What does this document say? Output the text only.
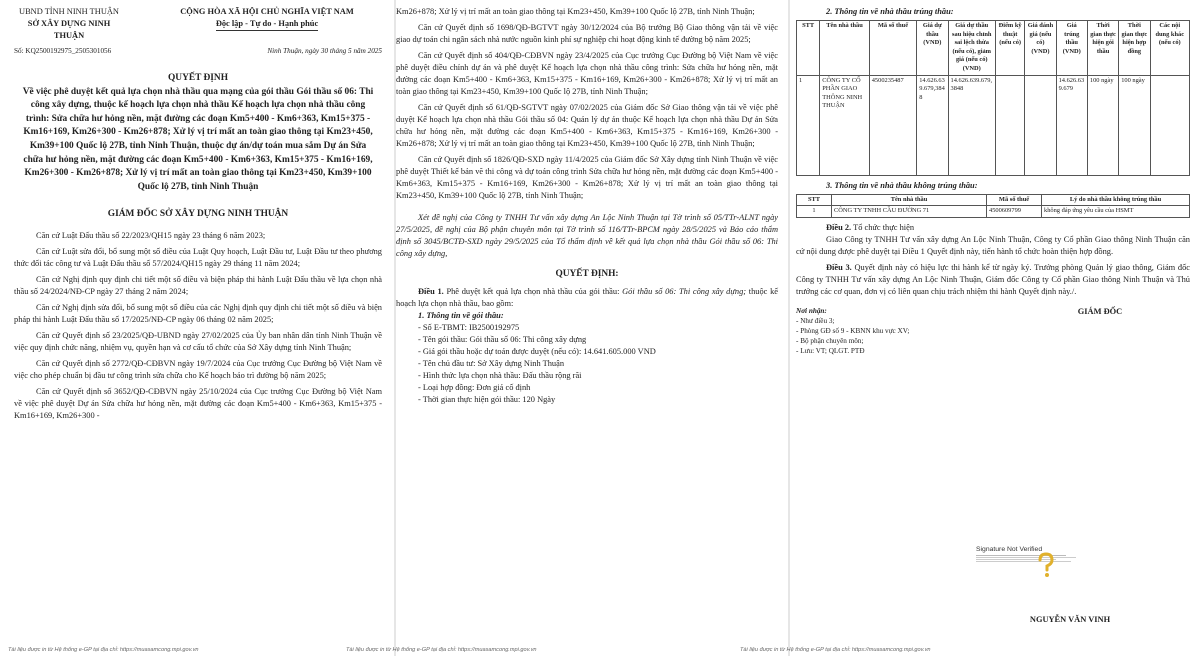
UBND TỈNH NINH THUẬN
SỞ XÂY DỰNG NINH THUẬN
CỘNG HÒA XÃ HỘI CHỦ NGHĨA VIỆT NAM
Độc lập - Tự do - Hạnh phúc
Số: KQ2500192975_2505301056	Ninh Thuận, ngày 30 tháng 5 năm 2025

QUYẾT ĐỊNH

Về việc phê duyệt kết quả lựa chọn nhà thầu qua mạng của gói thầu Gói thầu số 06: Thi công xây dựng, thuộc kế hoạch lựa chọn nhà thầu Kế hoạch lựa chọn nhà thầu công trình: Sửa chữa hư hỏng nền, mặt đường các đoạn Km5+400 - Km6+363, Km15+375 - Km16+169, Km26+300 - Km26+878; Xử lý vị trí mất an toàn giao thông tại Km23+450, Km39+100 Quốc lộ 27B, tỉnh Ninh Thuận, thuộc dự án/dự toán mua sắm Dự án Sửa chữa hư hỏng nền, mặt đường các đoạn Km5+400 - Km6+363, Km15+375 - Km16+169, Km26+300 - Km26+878; Xử lý vị trí mất an toàn giao thông tại Km23+450, Km39+100 Quốc lộ 27B, tỉnh Ninh Thuận

GIÁM ĐỐC SỞ XÂY DỰNG NINH THUẬN

Căn cứ Luật Đấu thầu số 22/2023/QH15 ngày 23 tháng 6 năm 2023;

Căn cứ Luật sửa đổi, bổ sung một số điều của Luật Quy hoạch, Luật Đầu tư, Luật Đầu tư theo phương thức đối tác công tư và Luật Đấu thầu số 57/2024/QH15 ngày 29 tháng 11 năm 2024;

Căn cứ Nghị định quy định chi tiết một số điều và biện pháp thi hành Luật Đấu thầu về lựa chọn nhà thầu số 24/2024/NĐ-CP ngày 27 tháng 2 năm 2024;

Căn cứ Nghị định sửa đổi, bổ sung một số điều của các Nghị định quy định chi tiết một số điều và biện pháp thi hành Luật Đấu thầu số 17/2025/NĐ-CP ngày 06 tháng 02 năm 2025;

Căn cứ Quyết định số 23/2025/QĐ-UBND ngày 27/02/2025 của Ủy ban nhân dân tỉnh Ninh Thuận về việc quy định chức năng, nhiệm vụ, quyền hạn và cơ cấu tổ chức của Sở Xây dựng tỉnh Ninh Thuận;

Căn cứ Quyết định số 2772/QĐ-CĐBVN ngày 19/7/2024 của Cục trưởng Cục Đường bộ Việt Nam về việc cho phép chuẩn bị đầu tư công trình sửa chữa cho Kế hoạch bảo trì đường bộ năm 2025;

Căn cứ Quyết định số 3652/QĐ-CĐBVN ngày 25/10/2024 của Cục trưởng Cục Đường bộ Việt Nam về việc phê duyệt Dự án Sửa chữa hư hỏng nền, mặt đường các đoạn Km5+400 - Km6+363, Km15+375 - Km16+169, Km26+300 -

Tài liệu được in từ Hệ thống e-GP tại địa chỉ: https://muasamcong.mpi.gov.vn

Km26+878; Xử lý vị trí mất an toàn giao thông tại Km23+450, Km39+100 Quốc lộ 27B, tỉnh Ninh Thuận;

Căn cứ Quyết định số 1698/QĐ-BGTVT ngày 30/12/2024 của Bộ trưởng Bộ Giao thông vận tải về việc giao dự toán chi ngân sách nhà nước nguồn kinh phí sự nghiệp chi hoạt động kinh tế đường bộ năm 2025;

Căn cứ Quyết định số 404/QĐ-CĐBVN ngày 23/4/2025 của Cục trưởng Cục Đường bộ Việt Nam về việc phê duyệt điều chỉnh dự án và phê duyệt Kế hoạch lựa chọn nhà thầu công trình: Sửa chữa hư hỏng nền, mặt đường các đoạn Km5+400 - Km6+363, Km15+375 - Km16+169, Km26+300 - Km26+878; Xử lý vị trí mất an toàn giao thông tại Km23+450, Km39+100 Quốc lộ 27B, tỉnh Ninh Thuận;

Căn cứ Quyết định số 61/QĐ-SGTVT ngày 07/02/2025 của Giám đốc Sở Giao thông vận tải về việc phê duyệt Kế hoạch lựa chọn nhà thầu Gói thầu số 04: Quản lý dự án thuộc Kế hoạch lựa chọn nhà thầu Dự án Sửa chữa hư hỏng nền, mặt đường các đoạn Km5+400 - Km6+363, Km15+375 - Km16+169, Km26+300 - Km26+878; Xử lý vị trí mất an toàn giao thông tại Km23+450, Km39+100 Quốc lộ 27B, tỉnh Ninh Thuận;

Căn cứ Quyết định số 1826/QĐ-SXD ngày 11/4/2025 của Giám đốc Sở Xây dựng tỉnh Ninh Thuận về việc phê duyệt Thiết kế bản vẽ thi công và dự toán công trình Sửa chữa hư hỏng nền, mặt đường các đoạn Km5+400 - Km6+363, Km15+375 - Km16+169, Km26+300 - Km26+878; Xử lý vị trí mất an toàn giao thông tại Km23+450, Km39+100 Quốc lộ 27B, tỉnh Ninh Thuận;

Xét đề nghị của Công ty TNHH Tư vấn xây dựng An Lộc Ninh Thuận tại Tờ trình số 05/TTr-ALNT ngày 27/5/2025, đề nghị của Bộ phận chuyên môn tại Tờ trình số 116/TTr-BPCM ngày 28/5/2025 và Báo cáo thẩm định số 3045/BCTĐ-SXD ngày 29/5/2025 của Tổ thẩm định về kết quả lựa chọn nhà thầu Gói thầu số 06: Thi công xây dựng,

QUYẾT ĐỊNH:

Điều 1. Phê duyệt kết quả lựa chọn nhà thầu của gói thầu: Gói thầu số 06: Thi công xây dựng; thuộc kế hoạch lựa chọn nhà thầu, bao gồm:

1. Thông tin về gói thầu:

- Số E-TBMT: IB2500192975

- Tên gói thầu: Gói thầu số 06: Thi công xây dựng

- Giá gói thầu hoặc dự toán được duyệt (nếu có): 14.641.605.000 VND

- Tên chủ đầu tư: Sở Xây dựng Ninh Thuận

- Hình thức lựa chọn nhà thầu: Đấu thầu rộng rãi

- Loại hợp đồng: Đơn giá cố định

- Thời gian thực hiện gói thầu: 120 Ngày

Tài liệu được in từ Hệ thống e-GP tại địa chỉ: https://muasamcong.mpi.gov.vn

2. Thông tin về nhà thầu trúng thầu:

STT	Tên nhà thầu	Mã số thuế	Giá dự thầu (VND)	Giá dự thầu sau hiệu chỉnh sai lệch thừa (nếu có), giảm giá (nếu có) (VND)	Điểm kỹ thuật (nếu có)	Giá đánh giá (nếu có) (VND)	Giá trúng thầu (VND)	Thời gian thực hiện gói thầu	Thời gian thực hiện hợp đồng	Các nội dung khác (nếu có)
1	CÔNG TY CỔ PHẦN GIAO THÔNG NINH THUẬN	4500235487	14.626.639.679,3848	14.626.639.679,3848			14.626.639.679	100 ngày	100 ngày	

3. Thông tin về nhà thầu không trúng thầu:

STT	Tên nhà thầu	Mã số thuế	Lý do nhà thầu không trúng thầu
1	CÔNG TY TNHH CẦU ĐƯỜNG 71	4500609799	không đáp ứng yêu cầu của HSMT

Điều 2. Tổ chức thực hiện

Giao Công ty TNHH Tư vấn xây dựng An Lộc Ninh Thuận, Công ty Cổ phần Giao thông Ninh Thuận căn cứ nội dung được phê duyệt tại Điều 1 Quyết định này, tiến hành tổ chức hoàn thiện hợp đồng.

Điều 3. Quyết định này có hiệu lực thi hành kể từ ngày ký. Trưởng phòng Quản lý giao thông, Giám đốc Công ty TNHH Tư vấn xây dựng An Lộc Ninh Thuận, Giám đốc Công ty Cổ phần Giao thông Ninh Thuận và Thủ trưởng các cơ quan, đơn vị có liên quan chịu trách nhiệm thi hành Quyết định này./.

Nơi nhận:
- Như điều 3;
- Phòng GĐ số 9 - KBNN khu vực XV;
- Bộ phận chuyên môn;
- Lưu: VT; QLGT. PTĐ
GIÁM ĐỐC
Signature Not Verified

NGUYỄN VĂN VINH

Tài liệu được in từ Hệ thống e-GP tại địa chỉ: https://muasamcong.mpi.gov.vn
